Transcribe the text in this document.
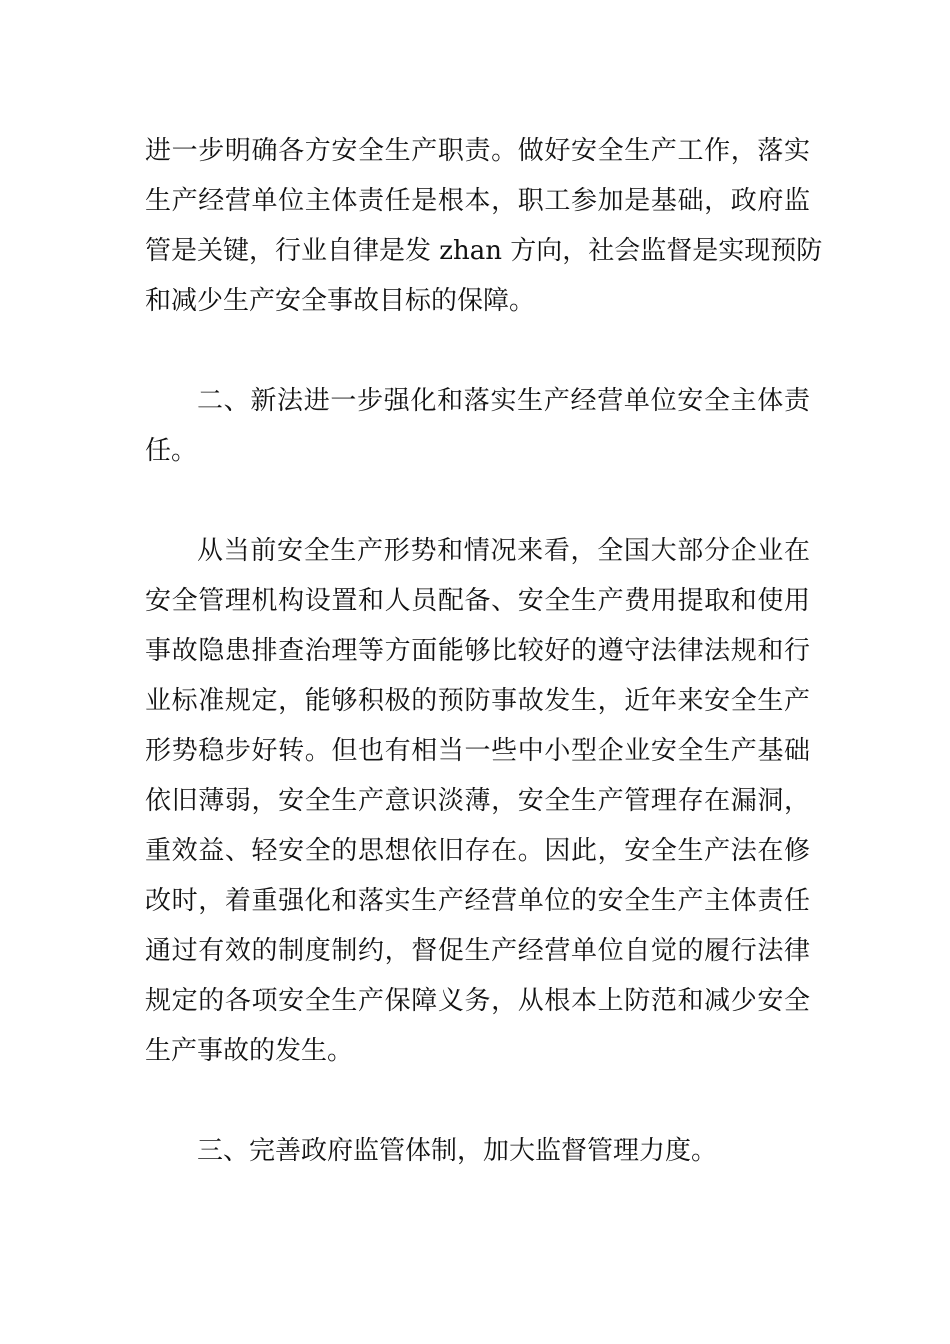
进一步明确各方安全生产职责。做好安全生产工作，落实

生产经营单位主体责任是根本，职工参加是基础，政府监

管是关键，行业自律是发 zhan 方向，社会监督是实现预防

和减少生产安全事故目标的保障。

二、新法进一步强化和落实生产经营单位安全主体责

任。

从当前安全生产形势和情况来看，全国大部分企业在

安全管理机构设置和人员配备、安全生产费用提取和使用

事故隐患排查治理等方面能够比较好的遵守法律法规和行

业标准规定，能够积极的预防事故发生，近年来安全生产

形势稳步好转。但也有相当一些中小型企业安全生产基础

依旧薄弱，安全生产意识淡薄，安全生产管理存在漏洞，

重效益、轻安全的思想依旧存在。因此，安全生产法在修

改时，着重强化和落实生产经营单位的安全生产主体责任

通过有效的制度制约，督促生产经营单位自觉的履行法律

规定的各项安全生产保障义务，从根本上防范和减少安全

生产事故的发生。

三、完善政府监管体制，加大监督管理力度。
